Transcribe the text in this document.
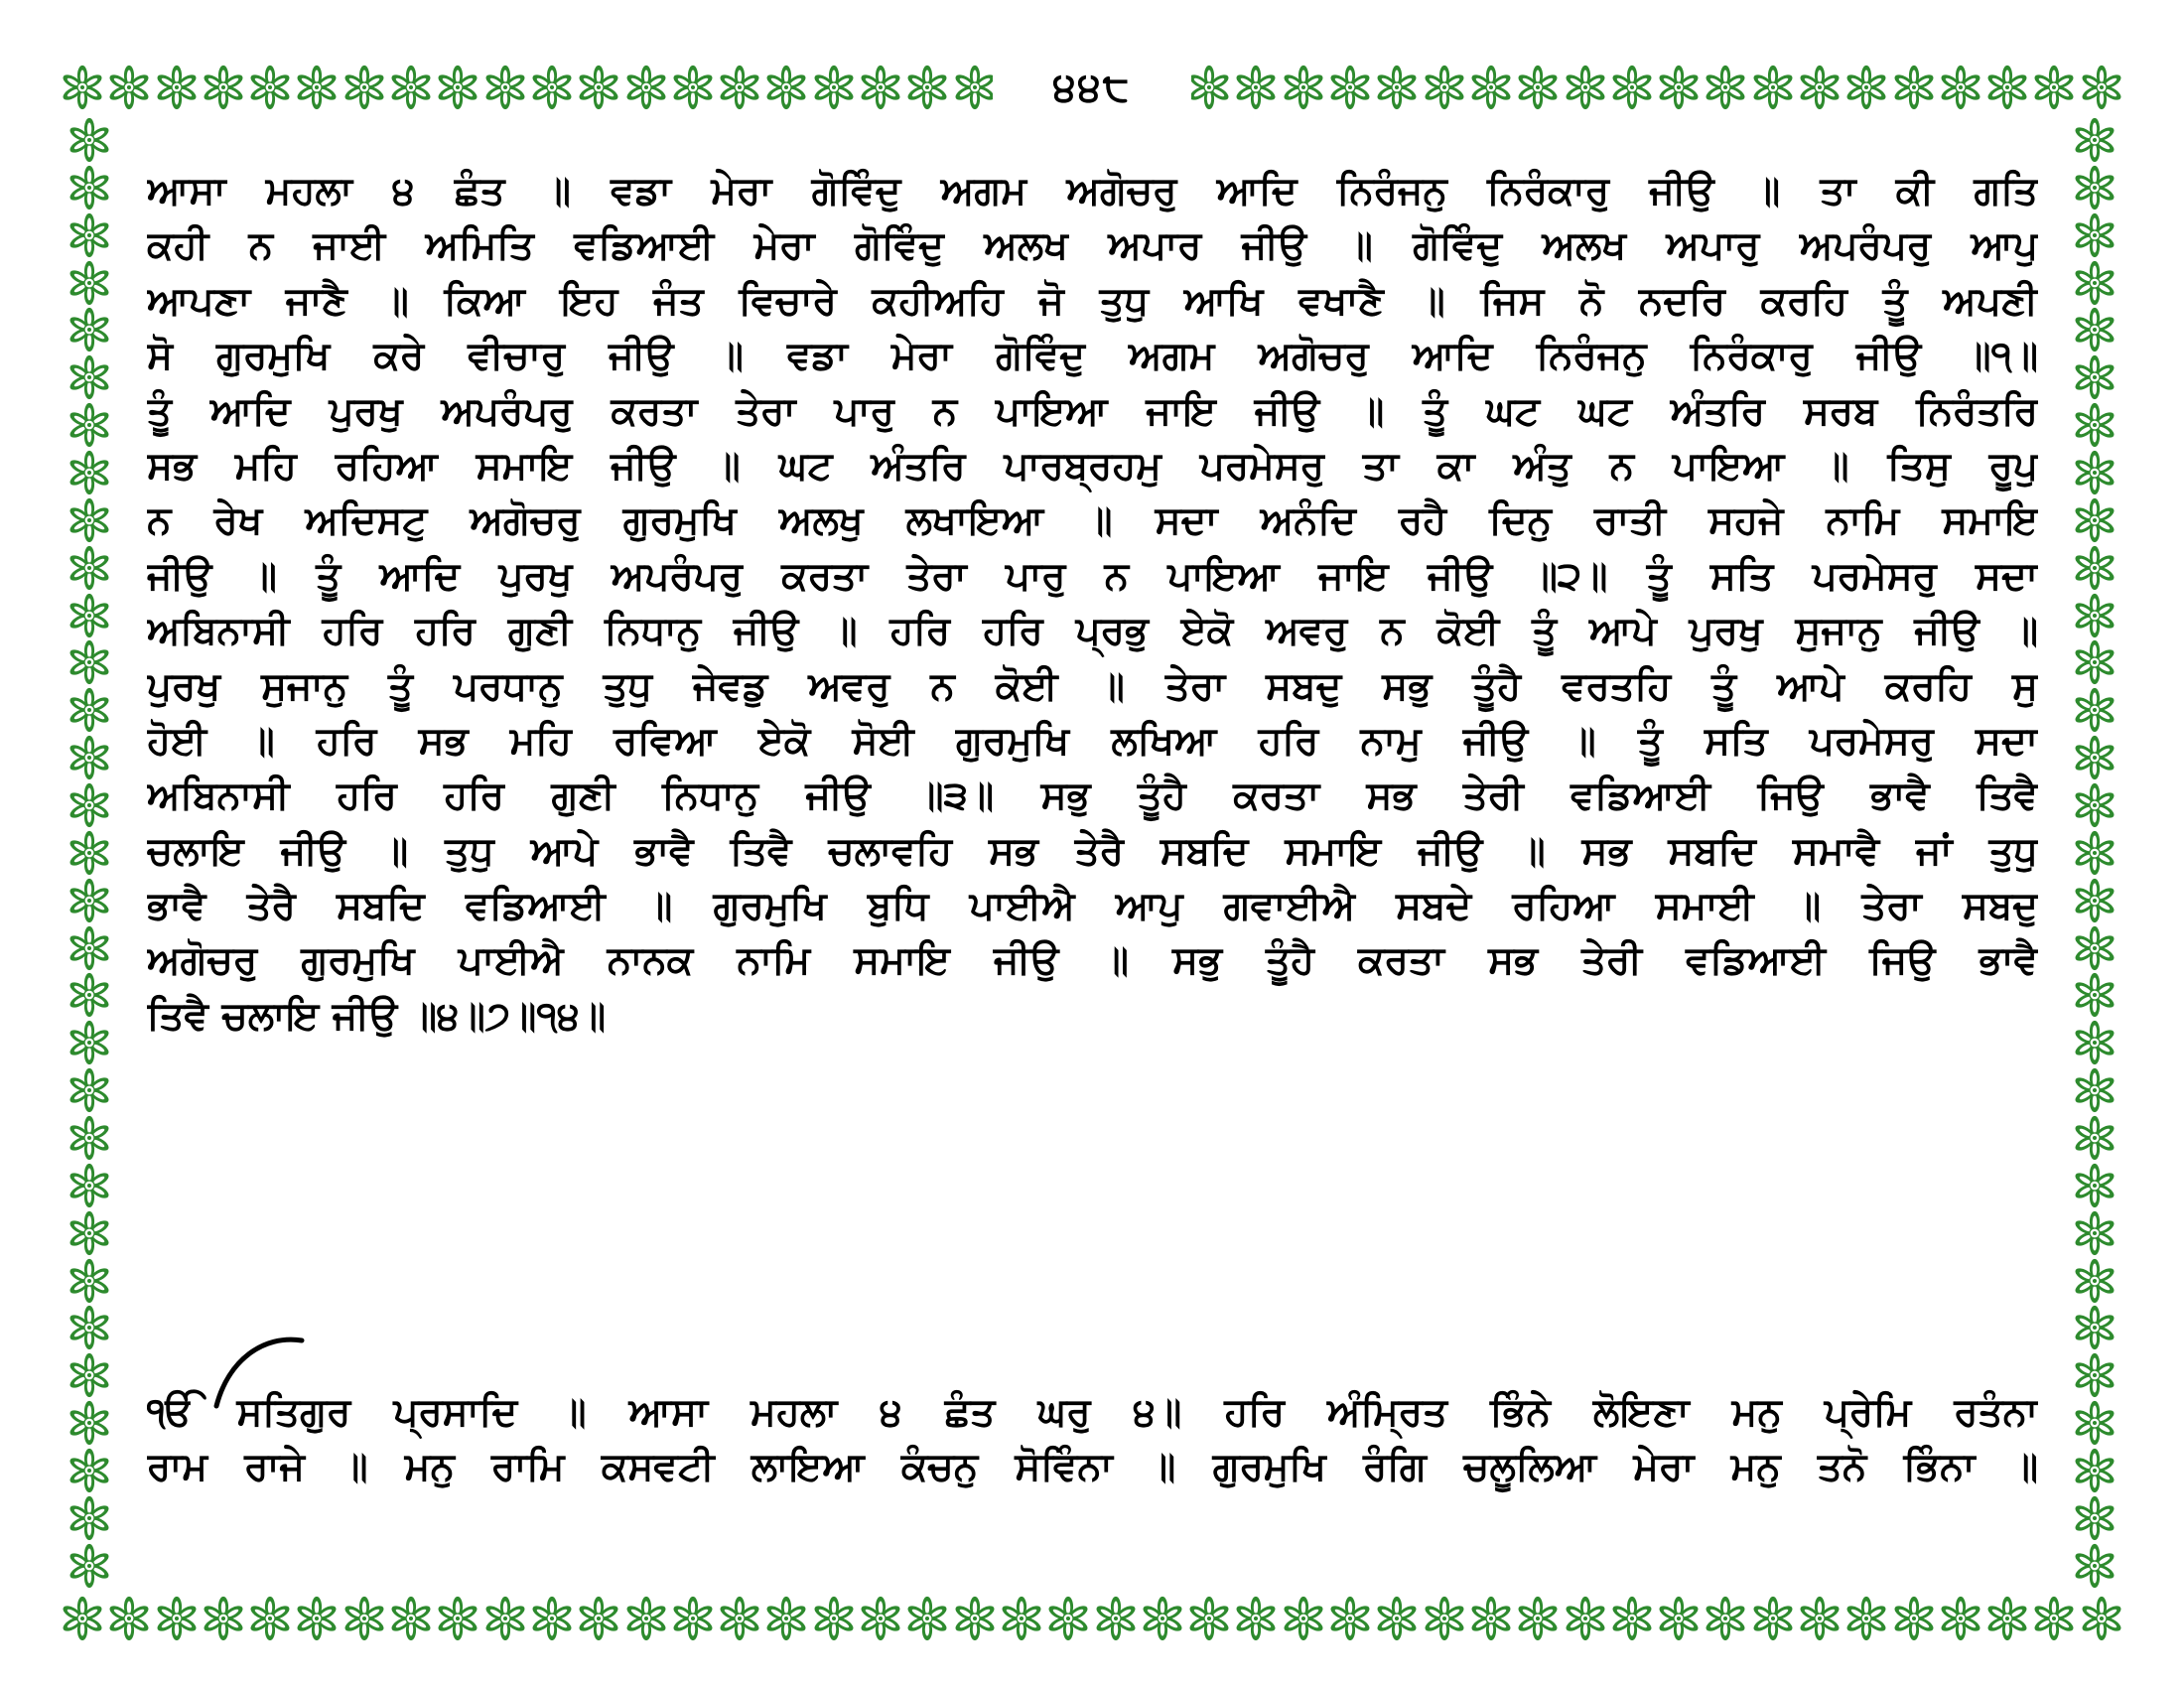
੪੪੮
ਆਸਾ ਮਹਲਾ ੪ ਛੰਤ ॥ ਵਡਾ ਮੇਰਾ ਗੋਵਿੰਦੁ ਅਗਮ ਅਗੋਚਰੁ ਆਦਿ ਨਿਰੰਜਨੁ ਨਿਰੰਕਾਰੁ ਜੀਉ ॥ ਤਾ ਕੀ ਗਤਿ
ਕਹੀ ਨ ਜਾਈ ਅਮਿਤਿ ਵਡਿਆਈ ਮੇਰਾ ਗੋਵਿੰਦੁ ਅਲਖ ਅਪਾਰ ਜੀਉ ॥ ਗੋਵਿੰਦੁ ਅਲਖ ਅਪਾਰੁ ਅਪਰੰਪਰੁ ਆਪੁ
ਆਪਣਾ ਜਾਣੈ ॥ ਕਿਆ ਇਹ ਜੰਤ ਵਿਚਾਰੇ ਕਹੀਅਹਿ ਜੋ ਤੁਧੁ ਆਖਿ ਵਖਾਣੈ ॥ ਜਿਸ ਨੋ ਨਦਰਿ ਕਰਹਿ ਤੂੰ ਅਪਣੀ
ਸੋ ਗੁਰਮੁਖਿ ਕਰੇ ਵੀਚਾਰੁ ਜੀਉ ॥ ਵਡਾ ਮੇਰਾ ਗੋਵਿੰਦੁ ਅਗਮ ਅਗੋਚਰੁ ਆਦਿ ਨਿਰੰਜਨੁ ਨਿਰੰਕਾਰੁ ਜੀਉ ॥੧॥
ਤੂੰ ਆਦਿ ਪੁਰਖੁ ਅਪਰੰਪਰੁ ਕਰਤਾ ਤੇਰਾ ਪਾਰੁ ਨ ਪਾਇਆ ਜਾਇ ਜੀਉ ॥ ਤੂੰ ਘਟ ਘਟ ਅੰਤਰਿ ਸਰਬ ਨਿਰੰਤਰਿ
ਸਭ ਮਹਿ ਰਹਿਆ ਸਮਾਇ ਜੀਉ ॥ ਘਟ ਅੰਤਰਿ ਪਾਰਬ੍ਰਹਮੁ ਪਰਮੇਸਰੁ ਤਾ ਕਾ ਅੰਤੁ ਨ ਪਾਇਆ ॥ ਤਿਸੁ ਰੂਪੁ
ਨ ਰੇਖ ਅਦਿਸਟੁ ਅਗੋਚਰੁ ਗੁਰਮੁਖਿ ਅਲਖੁ ਲਖਾਇਆ ॥ ਸਦਾ ਅਨੰਦਿ ਰਹੈ ਦਿਨੁ ਰਾਤੀ ਸਹਜੇ ਨਾਮਿ ਸਮਾਇ
ਜੀਉ ॥ ਤੂੰ ਆਦਿ ਪੁਰਖੁ ਅਪਰੰਪਰੁ ਕਰਤਾ ਤੇਰਾ ਪਾਰੁ ਨ ਪਾਇਆ ਜਾਇ ਜੀਉ ॥੨॥ ਤੂੰ ਸਤਿ ਪਰਮੇਸਰੁ ਸਦਾ
ਅਬਿਨਾਸੀ ਹਰਿ ਹਰਿ ਗੁਣੀ ਨਿਧਾਨੁ ਜੀਉ ॥ ਹਰਿ ਹਰਿ ਪ੍ਰਭੁ ਏਕੋ ਅਵਰੁ ਨ ਕੋਈ ਤੂੰ ਆਪੇ ਪੁਰਖੁ ਸੁਜਾਨੁ ਜੀਉ ॥
ਪੁਰਖੁ ਸੁਜਾਨੁ ਤੂੰ ਪਰਧਾਨੁ ਤੁਧੁ ਜੇਵਡੁ ਅਵਰੁ ਨ ਕੋਈ ॥ ਤੇਰਾ ਸਬਦੁ ਸਭੁ ਤੂੰਹੈ ਵਰਤਹਿ ਤੂੰ ਆਪੇ ਕਰਹਿ ਸੁ
ਹੋਈ ॥ ਹਰਿ ਸਭ ਮਹਿ ਰਵਿਆ ਏਕੋ ਸੋਈ ਗੁਰਮੁਖਿ ਲਖਿਆ ਹਰਿ ਨਾਮੁ ਜੀਉ ॥ ਤੂੰ ਸਤਿ ਪਰਮੇਸਰੁ ਸਦਾ
ਅਬਿਨਾਸੀ ਹਰਿ ਹਰਿ ਗੁਣੀ ਨਿਧਾਨੁ ਜੀਉ ॥੩॥ ਸਭੁ ਤੂੰਹੈ ਕਰਤਾ ਸਭ ਤੇਰੀ ਵਡਿਆਈ ਜਿਉ ਭਾਵੈ ਤਿਵੈ
ਚਲਾਇ ਜੀਉ ॥ ਤੁਧੁ ਆਪੇ ਭਾਵੈ ਤਿਵੈ ਚਲਾਵਹਿ ਸਭ ਤੇਰੈ ਸਬਦਿ ਸਮਾਇ ਜੀਉ ॥ ਸਭ ਸਬਦਿ ਸਮਾਵੈ ਜਾਂ ਤੁਧੁ
ਭਾਵੈ ਤੇਰੈ ਸਬਦਿ ਵਡਿਆਈ ॥ ਗੁਰਮੁਖਿ ਬੁਧਿ ਪਾਈਐ ਆਪੁ ਗਵਾਈਐ ਸਬਦੇ ਰਹਿਆ ਸਮਾਈ ॥ ਤੇਰਾ ਸਬਦੁ
ਅਗੋਚਰੁ ਗੁਰਮੁਖਿ ਪਾਈਐ ਨਾਨਕ ਨਾਮਿ ਸਮਾਇ ਜੀਉ ॥ ਸਭੁ ਤੂੰਹੈ ਕਰਤਾ ਸਭ ਤੇਰੀ ਵਡਿਆਈ ਜਿਉ ਭਾਵੈ
ਤਿਵੈ ਚਲਾਇ ਜੀਉ ॥੪॥੭॥੧੪॥
ੴ ਸਤਿਗੁਰ ਪ੍ਰਸਾਦਿ ॥ ਆਸਾ ਮਹਲਾ ੪ ਛੰਤ ਘਰੁ ੪॥ ਹਰਿ ਅੰਮ੍ਰਿਤ ਭਿੰਨੇ ਲੋਇਣਾ ਮਨੁ ਪ੍ਰੇਮਿ ਰਤੰਨਾ
ਰਾਮ ਰਾਜੇ ॥ ਮਨੁ ਰਾਮਿ ਕਸਵਟੀ ਲਾਇਆ ਕੰਚਨੁ ਸੋਵਿੰਨਾ ॥ ਗੁਰਮੁਖਿ ਰੰਗਿ ਚਲੂਲਿਆ ਮੇਰਾ ਮਨੁ ਤਨੋ ਭਿੰਨਾ ॥
